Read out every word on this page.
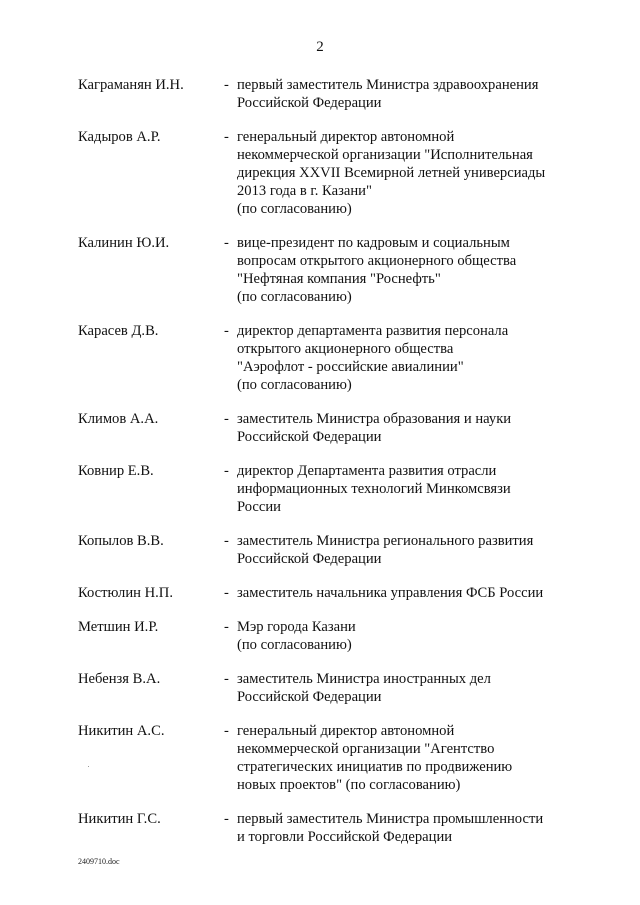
2
Каграманян И.Н.	- первый заместитель Министра здравоохранения
Российской Федерации
Кадыров А.Р.	- генеральный директор автономной
некоммерческой организации "Исполнительная
дирекция XXVII Всемирной летней универсиады
2013 года в г. Казани"
(по согласованию)
Калинин Ю.И.	- вице-президент по кадровым и социальным
вопросам открытого акционерного общества
"Нефтяная компания "Роснефть"
(по согласованию)
Карасев Д.В.	- директор департамента развития персонала
открытого акционерного общества
"Аэрофлот - российские авиалинии"
(по согласованию)
Климов А.А.	- заместитель Министра образования и науки
Российской Федерации
Ковнир Е.В.	- директор Департамента развития отрасли
информационных технологий Минкомсвязи
России
Копылов В.В.	- заместитель Министра регионального развития
Российской Федерации
Костюлин Н.П.	- заместитель начальника управления ФСБ России
Метшин И.Р.	- Мэр города Казани
(по согласованию)
Небензя В.А.	- заместитель Министра иностранных дел
Российской Федерации
Никитин А.С.	- генеральный директор автономной
некоммерческой организации "Агентство
стратегических инициатив по продвижению
новых проектов" (по согласованию)
Никитин Г.С.	- первый заместитель Министра промышленности
и торговли Российской Федерации
2409710.doc
